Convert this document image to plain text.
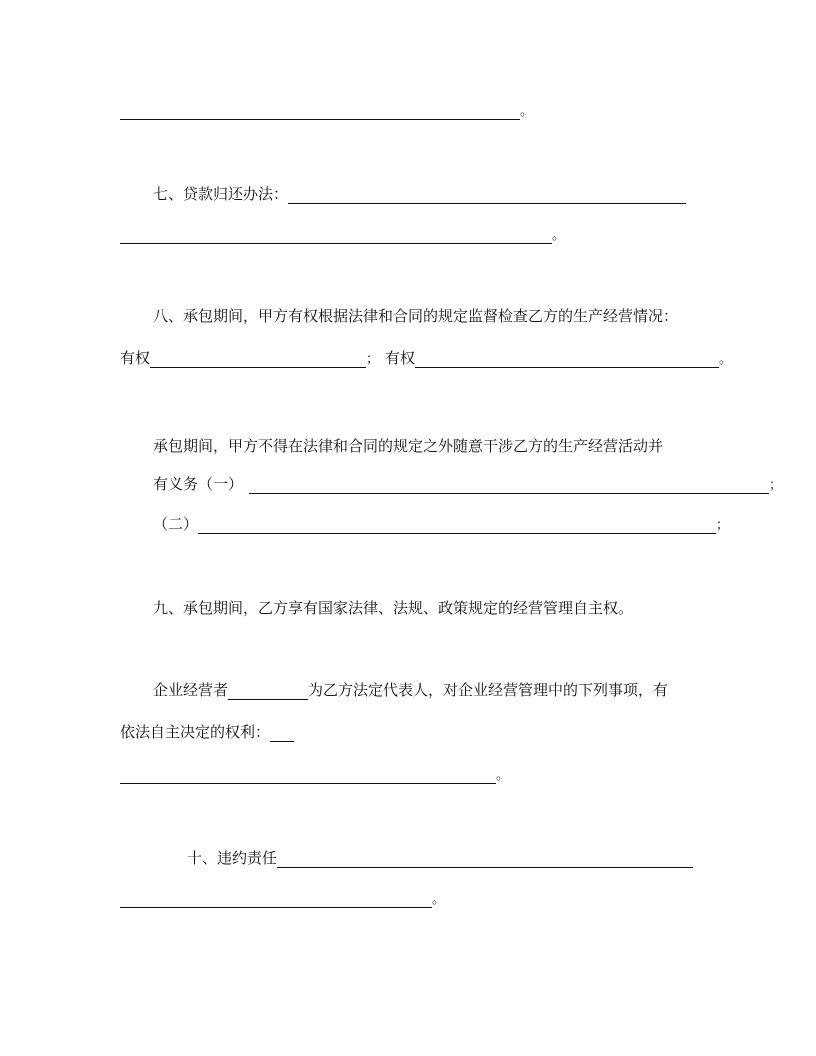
。
七、贷款归还办法：
。
八、承包期间，甲方有权根据法律和合同的规定监督检查乙方的生产经营情况：
有权	； 有权	。
承包期间，甲方不得在法律和合同的规定之外随意干涉乙方的生产经营活动并
有义务（一）	；
（二）	；
九、承包期间，乙方享有国家法律、法规、政策规定的经营管理自主权。
企业经营者	为乙方法定代表人，对企业经营管理中的下列事项，有
依法自主决定的权利：
。
十、违约责任
。
